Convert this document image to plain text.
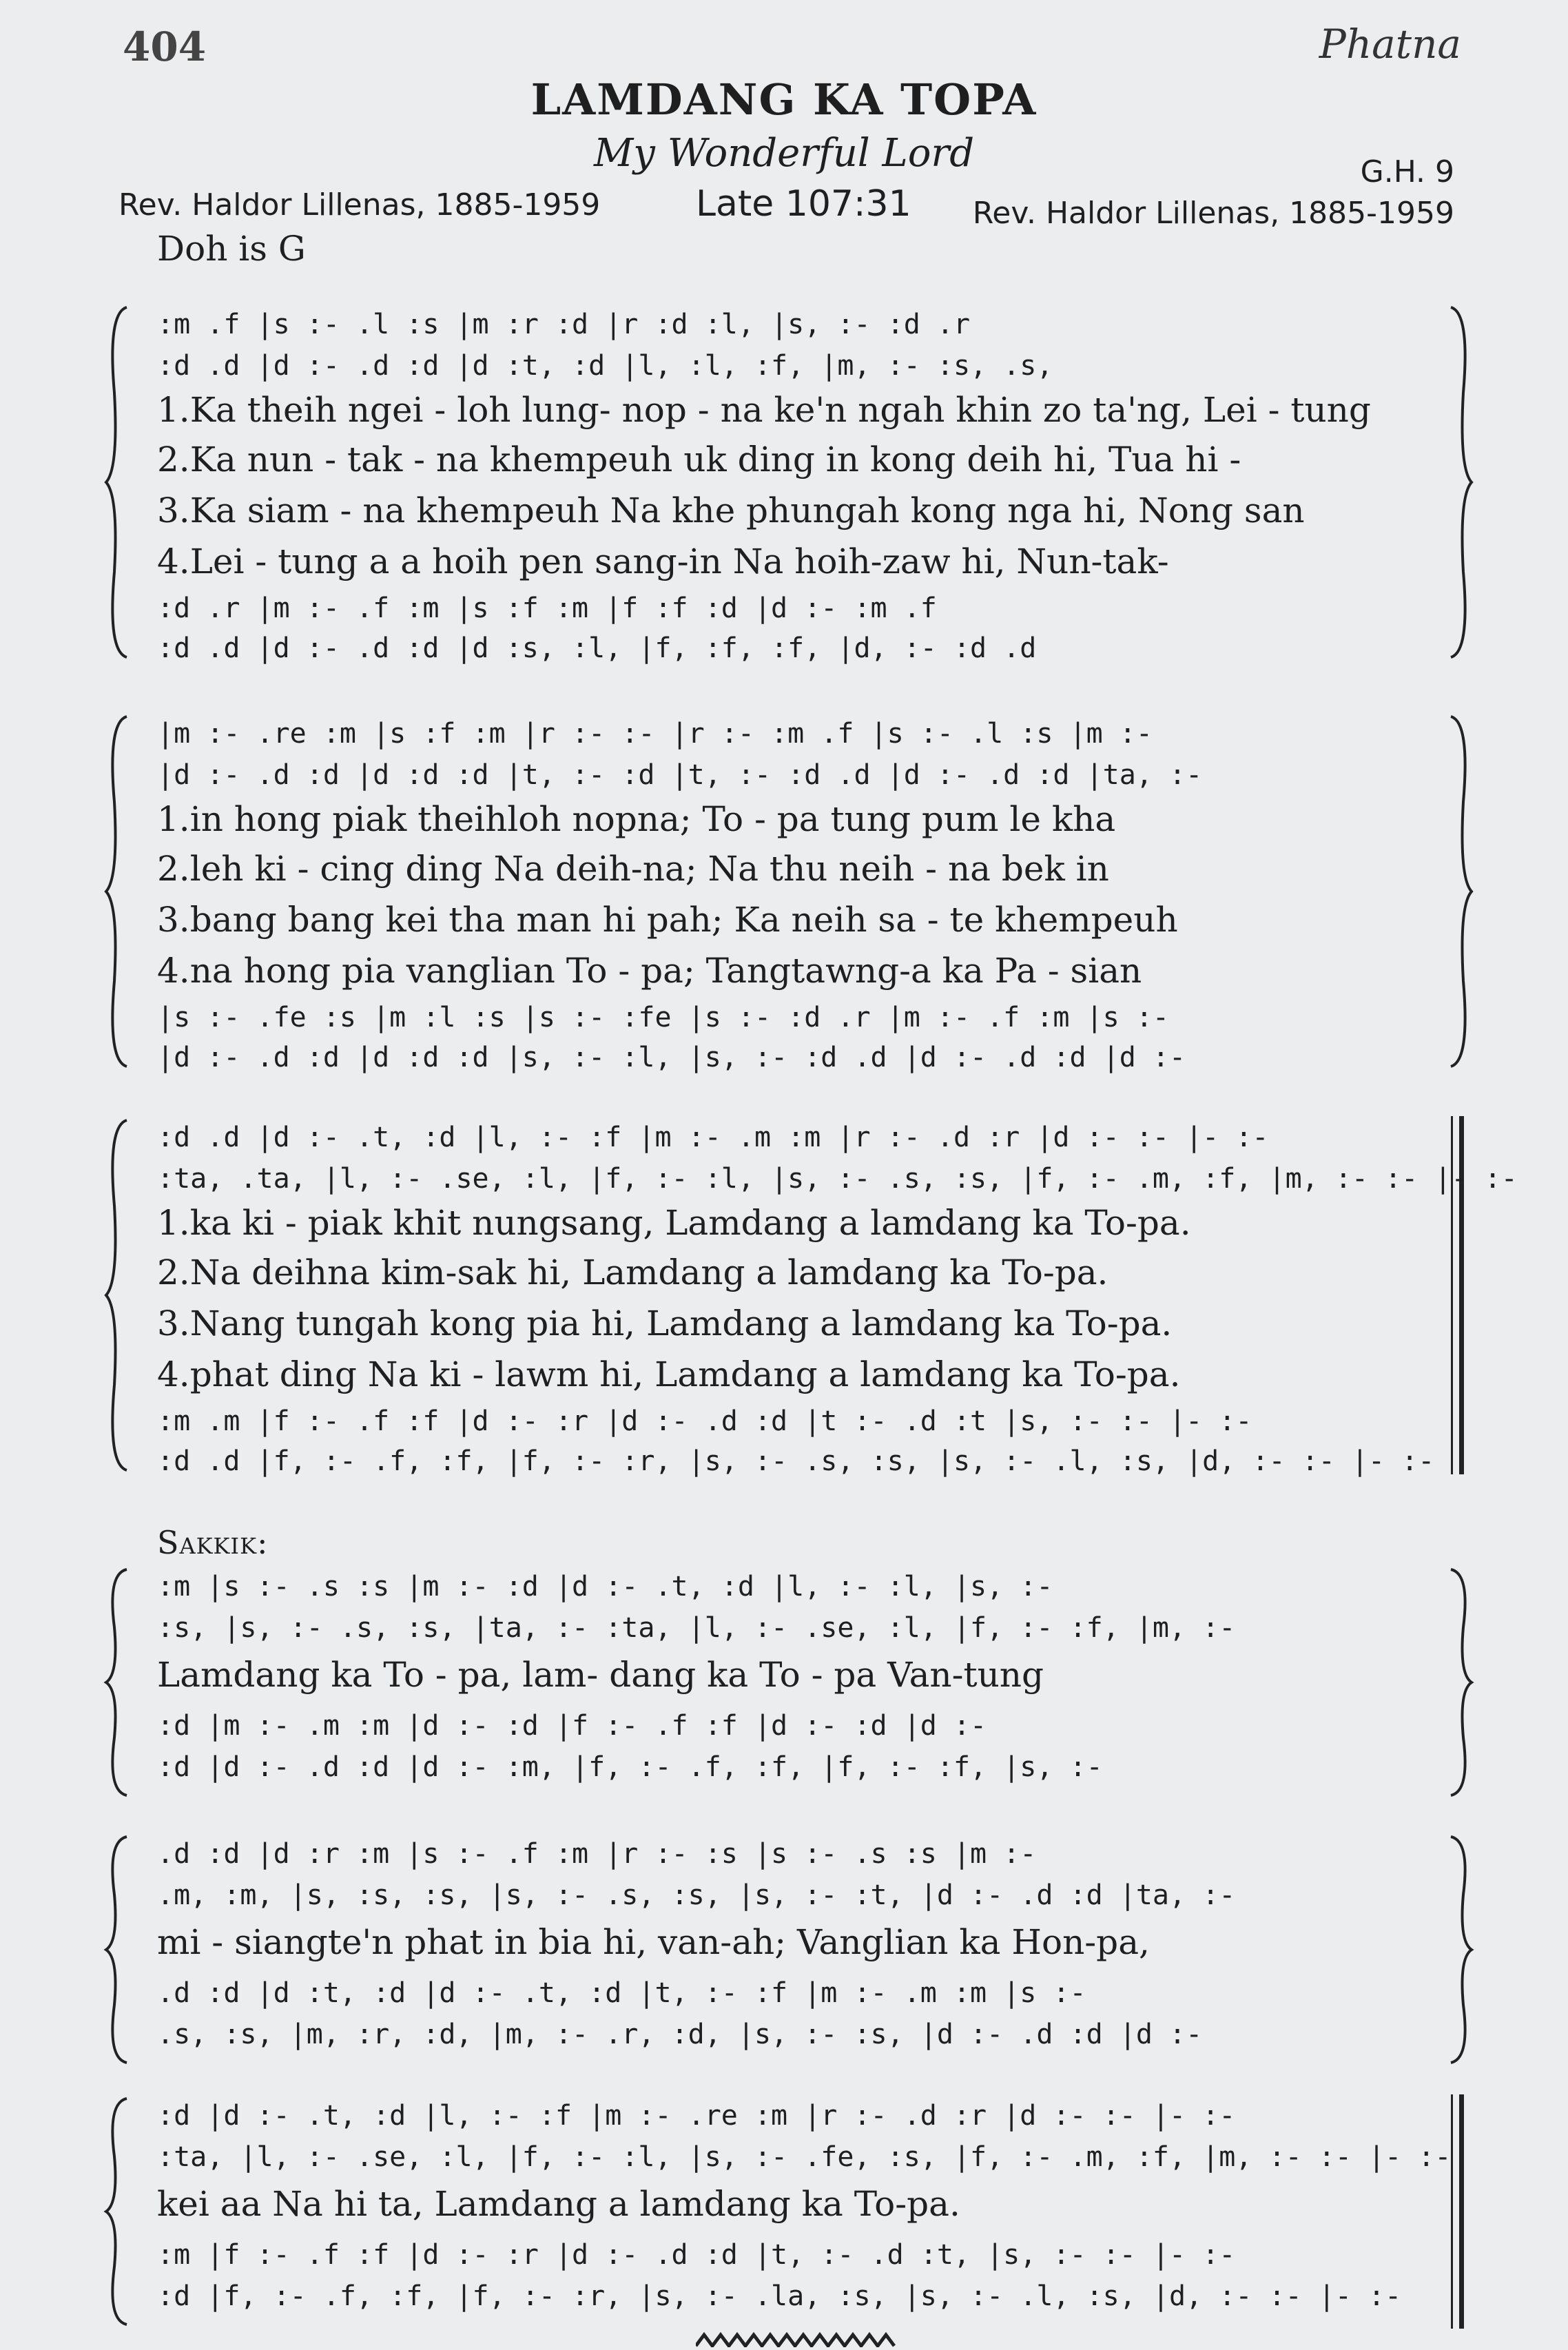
404	Phatna
LAMDANG KA TOPA
My Wonderful Lord	G.H. 9
Rev. Haldor Lillenas, 1885-1959	Late 107:31 Rev. Haldor Lillenas, 1885-1959
Doh is G
:m .f |s :- .l :s |m :r :d |r :d :l, |s, :- :d .r
:d .d |d :- .d :d |d :t, :d |l, :l, :f, |m, :- :s, .s,
1.Ka theih ngei - loh lung- nop - na ke'n ngah khin zo ta'ng, Lei - tung
2.Ka nun - tak - na khempeuh uk ding in kong deih hi, Tua hi -
3.Ka siam - na khempeuh Na khe phungah kong nga hi, Nong san
4.Lei - tung a a hoih pen sang-in Na hoih-zaw hi, Nun-tak-
:d .r |m :- .f :m |s :f :m |f :f :d |d :- :m .f
:d .d |d :- .d :d |d :s, :l, |f, :f, :f, |d, :- :d .d
|m :- .re :m |s :f :m |r :- :- |r :- :m .f |s :- .l :s |m :-
|d :- .d :d |d :d :d |t, :- :d |t, :- :d .d |d :- .d :d |ta, :-
1.in hong piak theihloh nopna; To - pa tung pum le kha
2.leh ki - cing ding Na deih-na; Na thu neih - na bek in
3.bang bang kei tha man hi pah; Ka neih sa - te khempeuh
4.na hong pia vanglian To - pa; Tangtawng-a ka Pa - sian
|s :- .fe :s |m :l :s |s :- :fe |s :- :d .r |m :- .f :m |s :-
|d :- .d :d |d :d :d |s, :- :l, |s, :- :d .d |d :- .d :d |d :-
:d .d |d :- .t, :d |l, :- :f |m :- .m :m |r :- .d :r |d :- :- |- :-
:ta, .ta, |l, :- .se, :l, |f, :- :l, |s, :- .s, :s, |f, :- .m, :f, |m, :- :- |- :-
1.ka ki - piak khit nungsang, Lamdang a lamdang ka To-pa.
2.Na deihna kim-sak hi, Lamdang a lamdang ka To-pa.
3.Nang tungah kong pia hi, Lamdang a lamdang ka To-pa.
4.phat ding Na ki - lawm hi, Lamdang a lamdang ka To-pa.
:m .m |f :- .f :f |d :- :r |d :- .d :d |t :- .d :t |s, :- :- |- :-
:d .d |f, :- .f, :f, |f, :- :r, |s, :- .s, :s, |s, :- .l, :s, |d, :- :- |- :-
Sakkik:
:m |s :- .s :s |m :- :d |d :- .t, :d |l, :- :l, |s, :-
:s, |s, :- .s, :s, |ta, :- :ta, |l, :- .se, :l, |f, :- :f, |m, :-
Lamdang ka To - pa, lam- dang ka To - pa Van-tung
:d |m :- .m :m |d :- :d |f :- .f :f |d :- :d |d :-
:d |d :- .d :d |d :- :m, |f, :- .f, :f, |f, :- :f, |s, :-
.d :d |d :r :m |s :- .f :m |r :- :s |s :- .s :s |m :-
.m, :m, |s, :s, :s, |s, :- .s, :s, |s, :- :t, |d :- .d :d |ta, :-
mi - siangte'n phat in bia hi, van-ah; Vanglian ka Hon-pa,
.d :d |d :t, :d |d :- .t, :d |t, :- :f |m :- .m :m |s :-
.s, :s, |m, :r, :d, |m, :- .r, :d, |s, :- :s, |d :- .d :d |d :-
:d |d :- .t, :d |l, :- :f |m :- .re :m |r :- .d :r |d :- :- |- :-
:ta, |l, :- .se, :l, |f, :- :l, |s, :- .fe, :s, |f, :- .m, :f, |m, :- :- |- :-
kei aa Na hi ta, Lamdang a lamdang ka To-pa.
:m |f :- .f :f |d :- :r |d :- .d :d |t, :- .d :t, |s, :- :- |- :-
:d |f, :- .f, :f, |f, :- :r, |s, :- .la, :s, |s, :- .l, :s, |d, :- :- |- :-
